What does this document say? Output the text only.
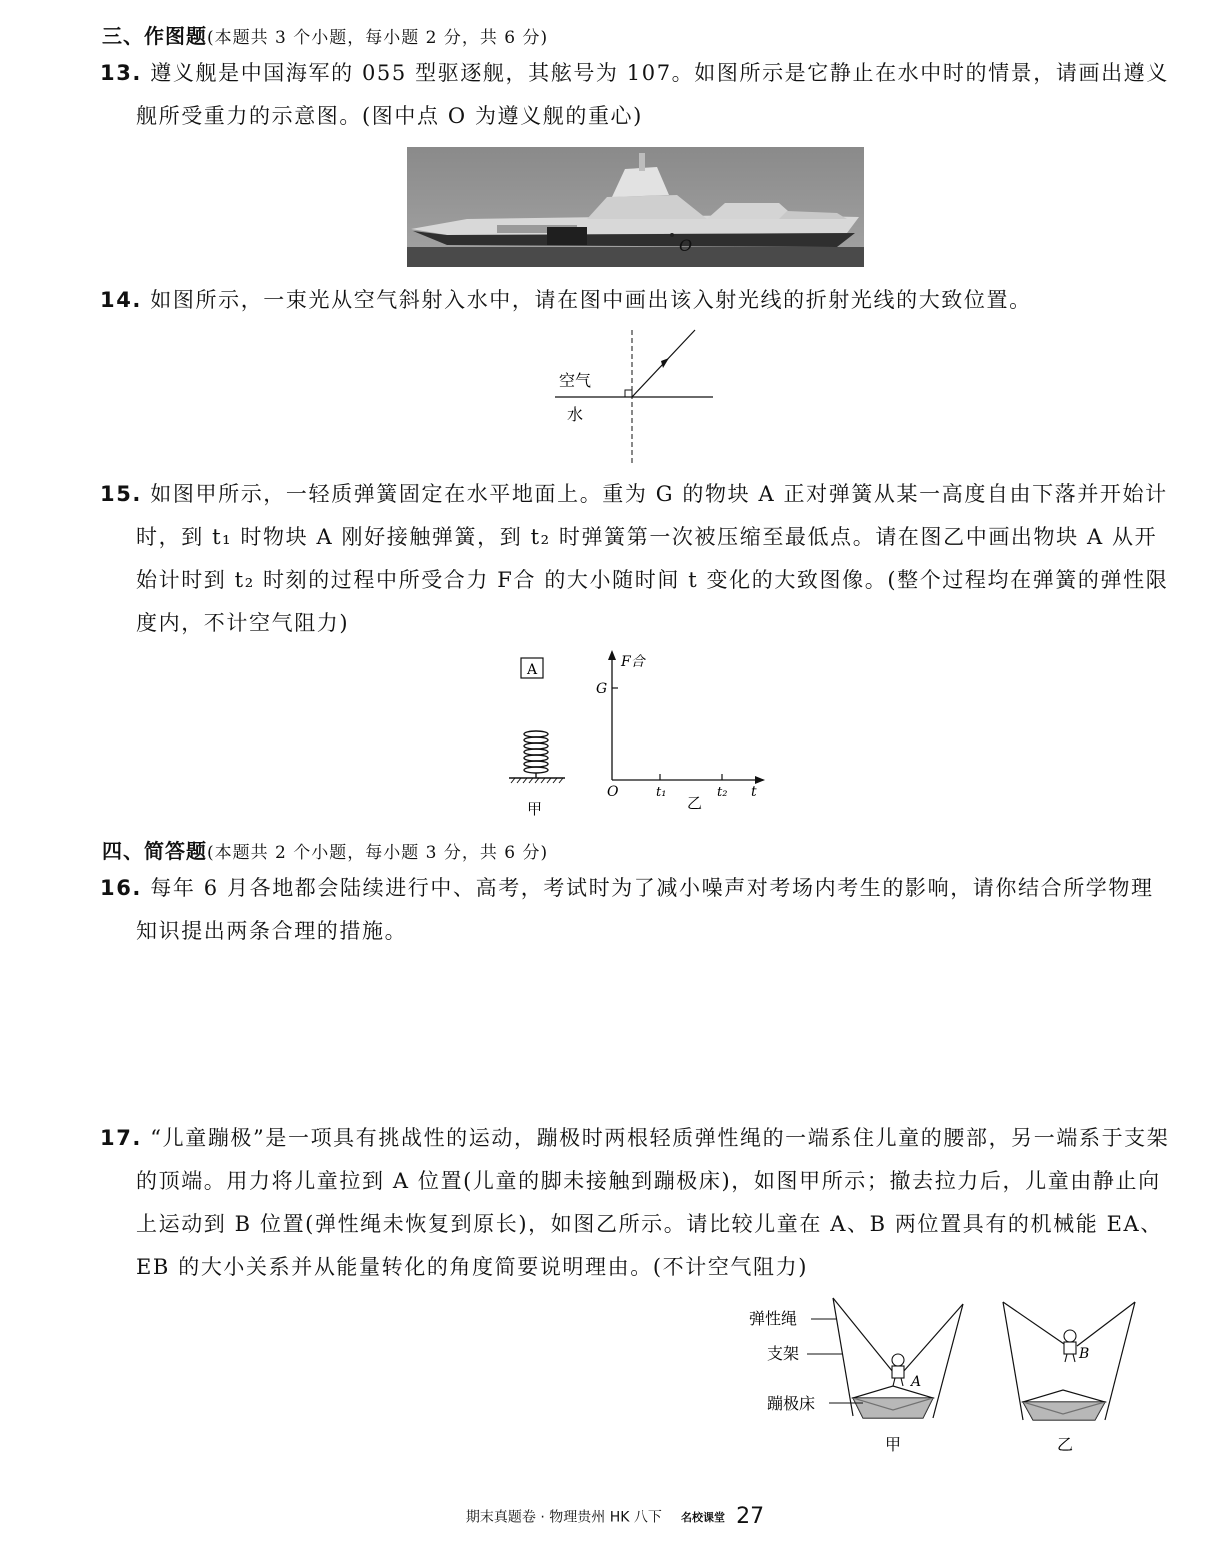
三、作图题(本题共 3 个小题，每小题 2 分，共 6 分)
13. 遵义舰是中国海军的 055 型驱逐舰，其舷号为 107。如图所示是它静止在水中时的情景，请画出遵义舰所受重力的示意图。(图中点 O 为遵义舰的重心)
O
14. 如图所示，一束光从空气斜射入水中，请在图中画出该入射光线的折射光线的大致位置。
空气
水
15. 如图甲所示，一轻质弹簧固定在水平地面上。重为 G 的物块 A 正对弹簧从某一高度自由下落并开始计时，到 t₁ 时物块 A 刚好接触弹簧，到 t₂ 时弹簧第一次被压缩至最低点。请在图乙中画出物块 A 从开始计时到 t₂ 时刻的过程中所受合力 F合 的大小随时间 t 变化的大致图像。(整个过程均在弹簧的弹性限度内，不计空气阻力)
A
甲
F合
G
O	t₁	t₂ t
乙
四、简答题(本题共 2 个小题，每小题 3 分，共 6 分)
16. 每年 6 月各地都会陆续进行中、高考，考试时为了减小噪声对考场内考生的影响，请你结合所学物理知识提出两条合理的措施。
17. “儿童蹦极”是一项具有挑战性的运动，蹦极时两根轻质弹性绳的一端系住儿童的腰部，另一端系于支架的顶端。用力将儿童拉到 A 位置(儿童的脚未接触到蹦极床)，如图甲所示；撤去拉力后，儿童由静止向上运动到 B 位置(弹性绳未恢复到原长)，如图乙所示。请比较儿童在 A、B 两位置具有的机械能 EA、EB 的大小关系并从能量转化的角度简要说明理由。(不计空气阻力)
A
弹性绳
支架
蹦极床
甲
B
乙
期末真题卷 · 物理贵州 HK 八下 名校课堂 27
